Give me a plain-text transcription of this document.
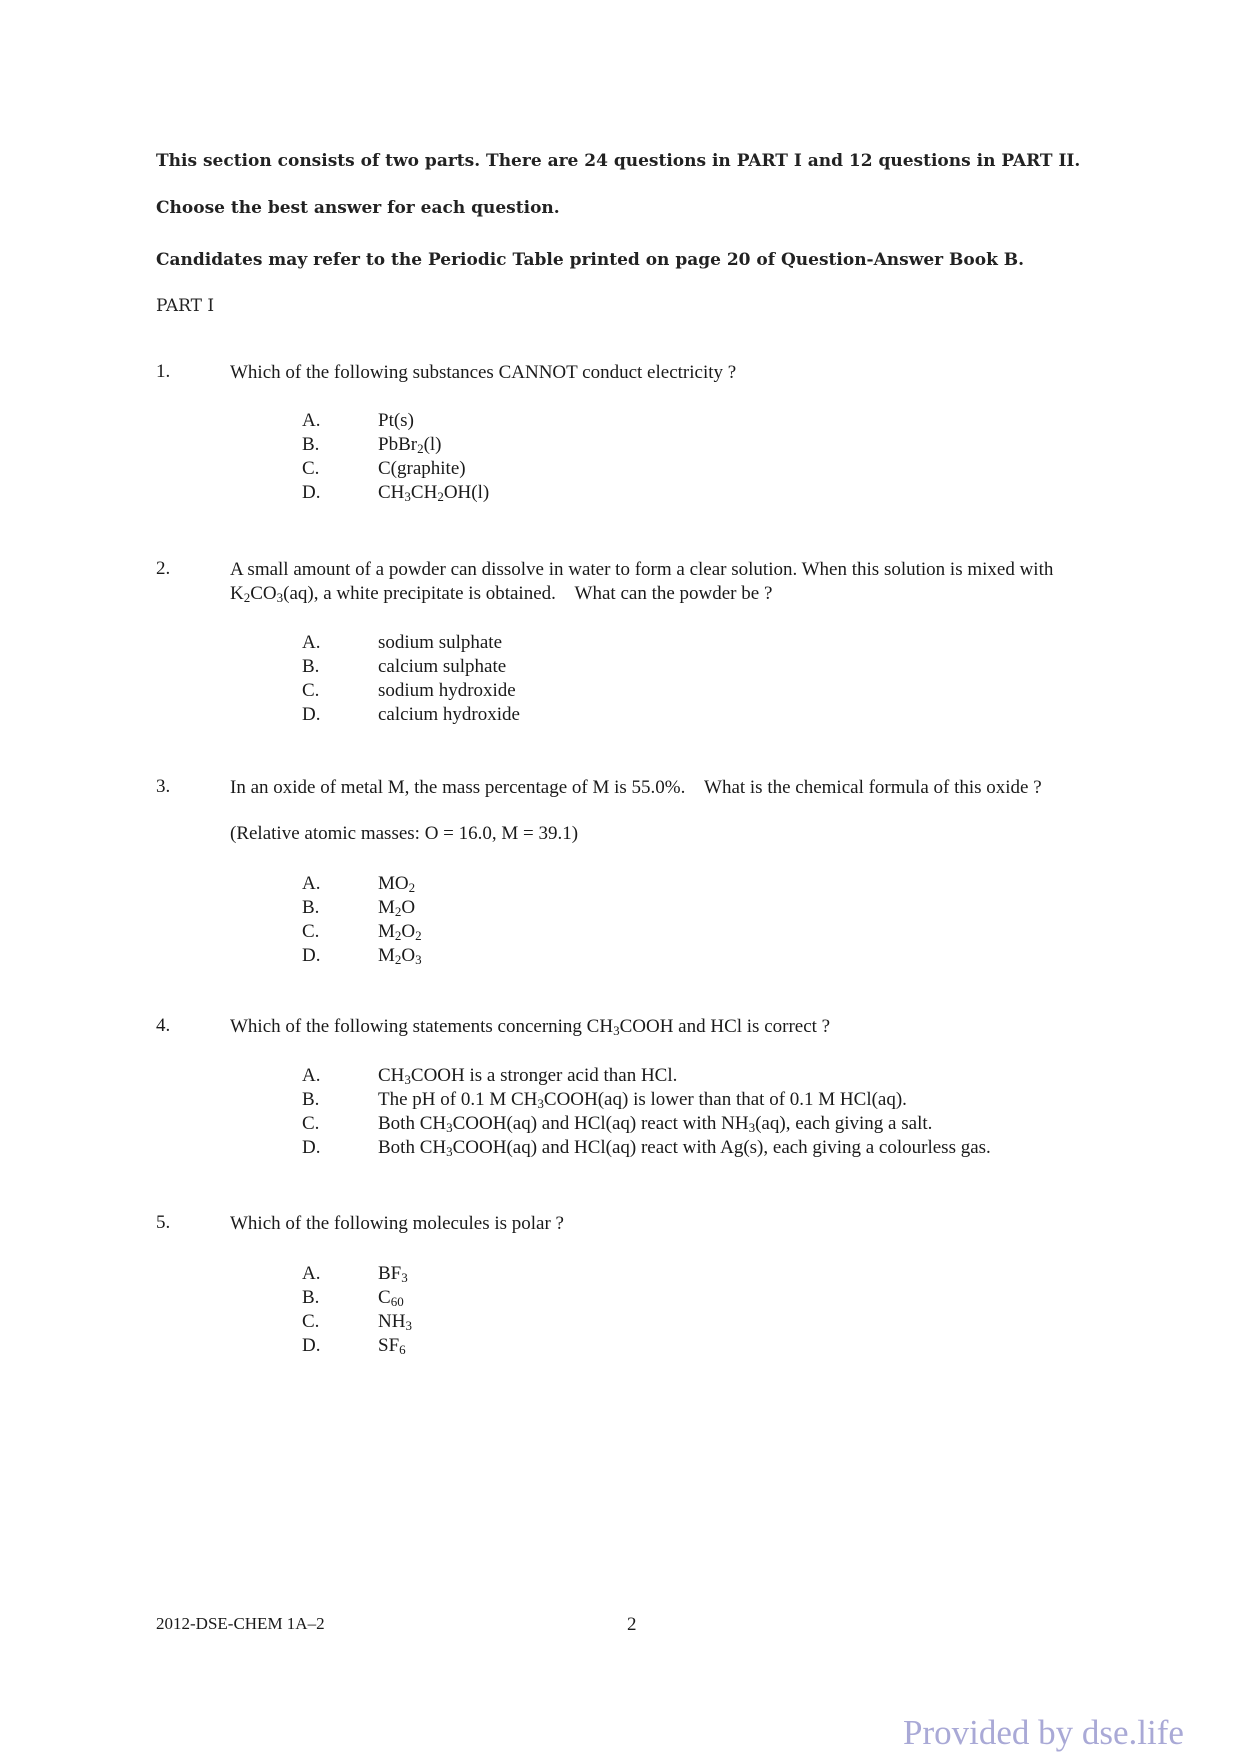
This section consists of two parts. There are 24 questions in PART I and 12 questions in PART II.
Choose the best answer for each question.
Candidates may refer to the Periodic Table printed on page 20 of Question-Answer Book B.
PART I
1.	Which of the following substances CANNOT conduct electricity ?
A.	Pt(s)
B.	PbBr$_2$(l)
C.	C(graphite)
D.	$CH_3CH_2OH(l)$
2.	A small amount of a powder can dissolve in water to form a clear solution. When this solution is mixed with $K_2CO_3(aq)$, a white precipitate is obtained.    What can the powder be ?
A.	sodium sulphate
B.	calcium sulphate
C.	sodium hydroxide
D.	calcium hydroxide
3.	In an oxide of metal M, the mass percentage of M is 55.0%.    What is the chemical formula of this oxide ?
(Relative atomic masses: O = 16.0, M = 39.1)
A.	$MO_2$
B.	$M_2O$
C.	$M_2O_2$
D.	$M_2O_3$
4.	Which of the following statements concerning $CH_3COOH$ and HCl is correct ?
A.	$CH_3COOH$ is a stronger acid than HCl.
B.	The pH of 0.1 M $CH_3COOH(aq)$ is lower than that of 0.1 M HCl(aq).
C.	Both $CH_3COOH(aq)$ and HCl(aq) react with $NH_3(aq)$, each giving a salt.
D.	Both $CH_3COOH(aq)$ and HCl(aq) react with Ag(s), each giving a colourless gas.
5.	Which of the following molecules is polar ?
A.	$BF_3$
B.	$C_{60}$
C.	$NH_3$
D.	$SF_6$
2012-DSE-CHEM 1A–2	2
Provided by dse.life
